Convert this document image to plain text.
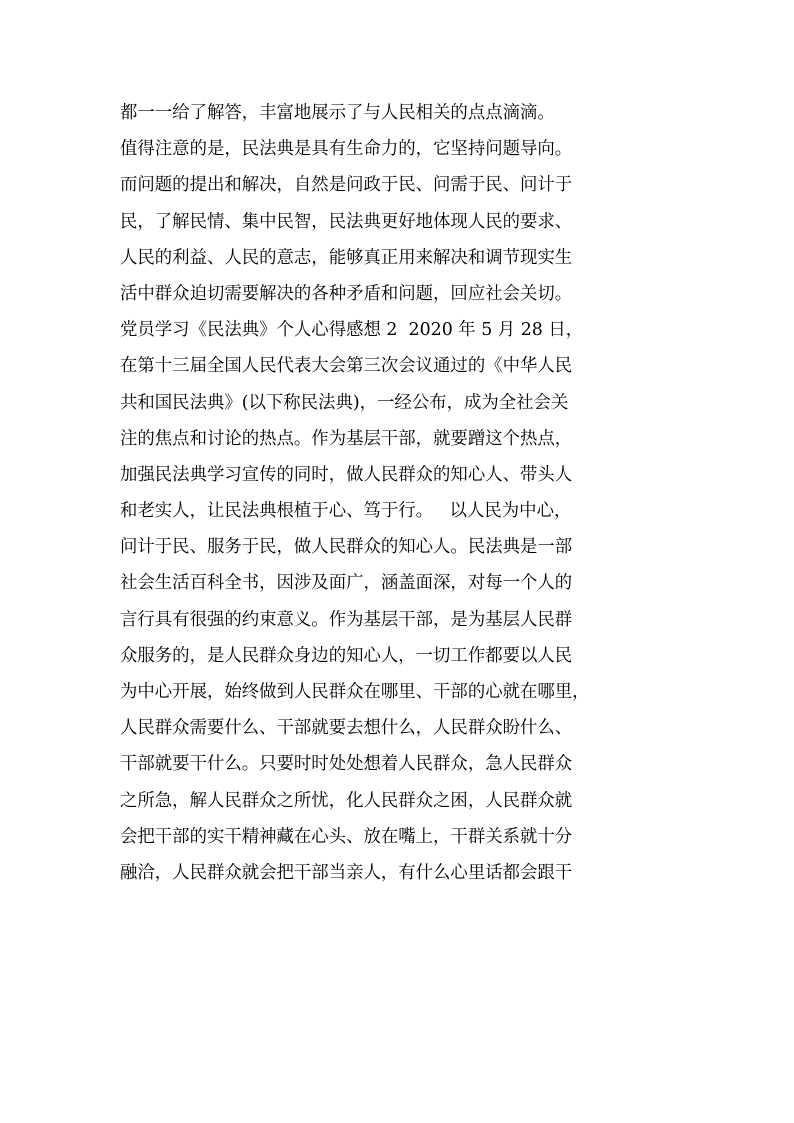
都一一给了解答，丰富地展示了与人民相关的点点滴滴。
值得注意的是，民法典是具有生命力的，它坚持问题导向。
而问题的提出和解决，自然是问政于民、问需于民、问计于
民，了解民情、集中民智，民法典更好地体现人民的要求、
人民的利益、人民的意志，能够真正用来解决和调节现实生
活中群众迫切需要解决的各种矛盾和问题，回应社会关切。
党员学习《民法典》个人心得感想 2  2020 年 5 月 28 日，
在第十三届全国人民代表大会第三次会议通过的《中华人民
共和国民法典》(以下称民法典)，一经公布，成为全社会关
注的焦点和讨论的热点。作为基层干部，就要蹭这个热点，
加强民法典学习宣传的同时，做人民群众的知心人、带头人
和老实人，让民法典根植于心、笃于行。   以人民为中心，
问计于民、服务于民，做人民群众的知心人。民法典是一部
社会生活百科全书，因涉及面广，涵盖面深，对每一个人的
言行具有很强的约束意义。作为基层干部，是为基层人民群
众服务的，是人民群众身边的知心人，一切工作都要以人民
为中心开展，始终做到人民群众在哪里、干部的心就在哪里，
人民群众需要什么、干部就要去想什么，人民群众盼什么、
干部就要干什么。只要时时处处想着人民群众，急人民群众
之所急，解人民群众之所忧，化人民群众之困，人民群众就
会把干部的实干精神藏在心头、放在嘴上，干群关系就十分
融洽，人民群众就会把干部当亲人，有什么心里话都会跟干
